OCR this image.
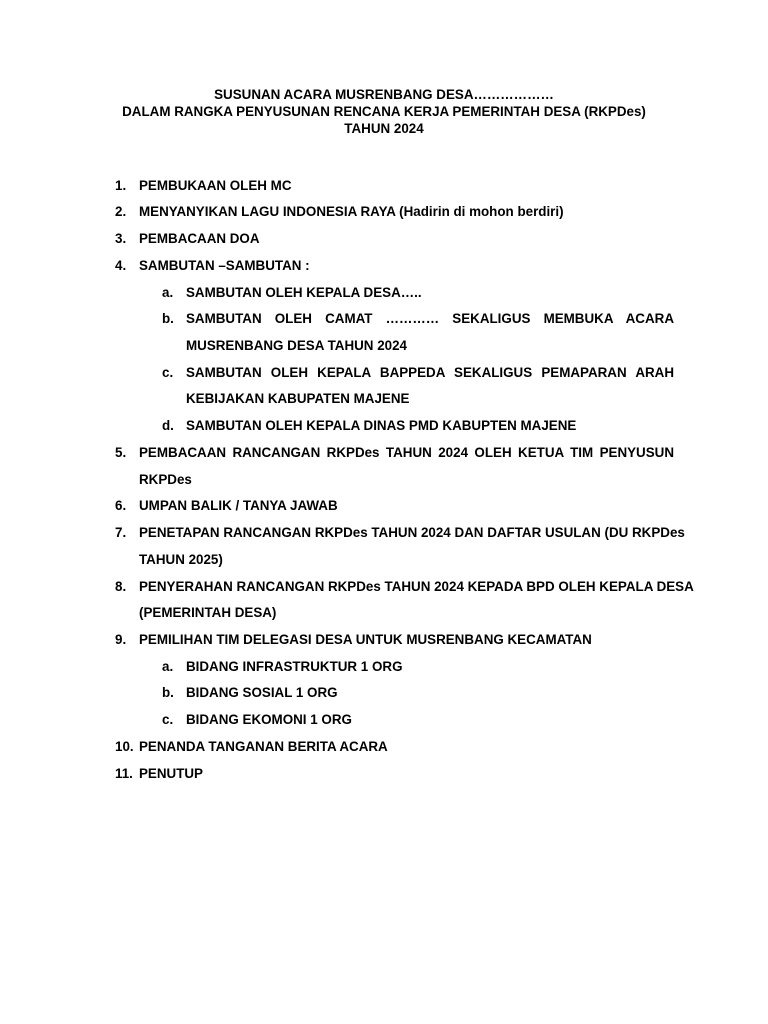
SUSUNAN ACARA MUSRENBANG DESA………………
DALAM RANGKA PENYUSUNAN RENCANA KERJA PEMERINTAH DESA (RKPDes)
TAHUN 2024
1. PEMBUKAAN OLEH MC
2. MENYANYIKAN LAGU INDONESIA RAYA (Hadirin di mohon berdiri)
3. PEMBACAAN DOA
4. SAMBUTAN –SAMBUTAN :
a. SAMBUTAN OLEH KEPALA DESA…..
b. SAMBUTAN OLEH CAMAT ………… SEKALIGUS MEMBUKA ACARA
MUSRENBANG DESA TAHUN 2024
c. SAMBUTAN OLEH KEPALA BAPPEDA SEKALIGUS PEMAPARAN ARAH
KEBIJAKAN KABUPATEN MAJENE
d. SAMBUTAN OLEH KEPALA DINAS PMD KABUPTEN MAJENE
5. PEMBACAAN RANCANGAN RKPDes TAHUN 2024 OLEH KETUA TIM PENYUSUN
RKPDes
6. UMPAN BALIK / TANYA JAWAB
7. PENETAPAN RANCANGAN RKPDes TAHUN 2024 DAN DAFTAR USULAN (DU RKPDes
TAHUN 2025)
8. PENYERAHAN RANCANGAN RKPDes TAHUN 2024 KEPADA BPD OLEH KEPALA DESA
(PEMERINTAH DESA)
9. PEMILIHAN TIM DELEGASI DESA UNTUK MUSRENBANG KECAMATAN
a. BIDANG INFRASTRUKTUR 1 ORG
b. BIDANG SOSIAL 1 ORG
c. BIDANG EKOMONI 1 ORG
10. PENANDA TANGANAN BERITA ACARA
11. PENUTUP
